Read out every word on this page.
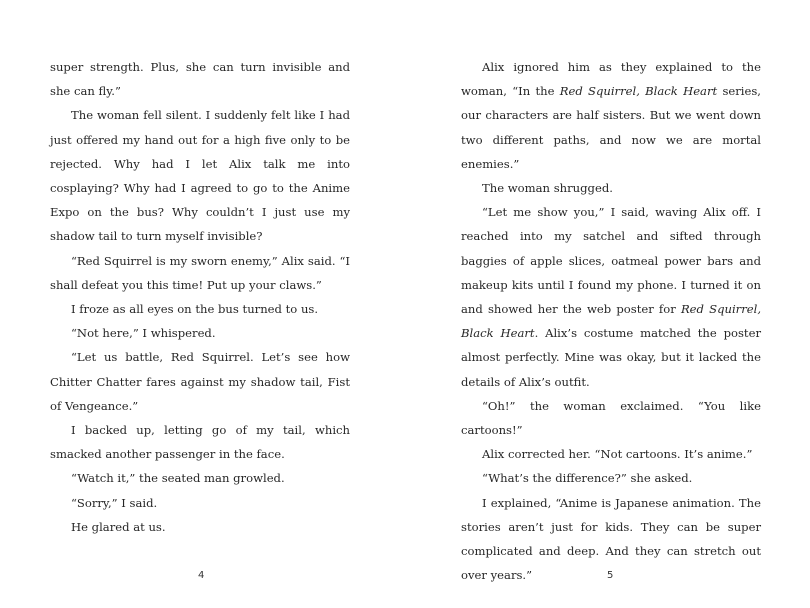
super strength. Plus, she can turn invisible and she can fly.”

The woman fell silent. I suddenly felt like I had just offered my hand out for a high five only to be rejected. Why had I let Alix talk me into cosplaying? Why had I agreed to go to the Anime Expo on the bus? Why couldn’t I just use my shadow tail to turn myself invisible?

“Red Squirrel is my sworn enemy,” Alix said. “I shall defeat you this time! Put up your claws.”

I froze as all eyes on the bus turned to us.

“Not here,” I whispered.

“Let us battle, Red Squirrel. Let’s see how Chitter Chatter fares against my shadow tail, Fist of Vengeance.”

I backed up, letting go of my tail, which smacked another passenger in the face.

“Watch it,” the seated man growled.

“Sorry,” I said.

He glared at us.

Alix ignored him as they explained to the woman, “In the Red Squirrel, Black Heart series, our characters are half sisters. But we went down two different paths, and now we are mortal enemies.”

The woman shrugged.

“Let me show you,” I said, waving Alix off. I reached into my satchel and sifted through baggies of apple slices, oatmeal power bars and makeup kits until I found my phone. I turned it on and showed her the web poster for Red Squirrel, Black Heart. Alix’s costume matched the poster almost perfectly. Mine was okay, but it lacked the details of Alix’s outfit.

“Oh!” the woman exclaimed. “You like cartoons!”

Alix corrected her. “Not cartoons. It’s anime.”

“What’s the difference?” she asked.

I explained, “Anime is Japanese animation. The stories aren’t just for kids. They can be super complicated and deep. And they can stretch out over years.”

4	5
